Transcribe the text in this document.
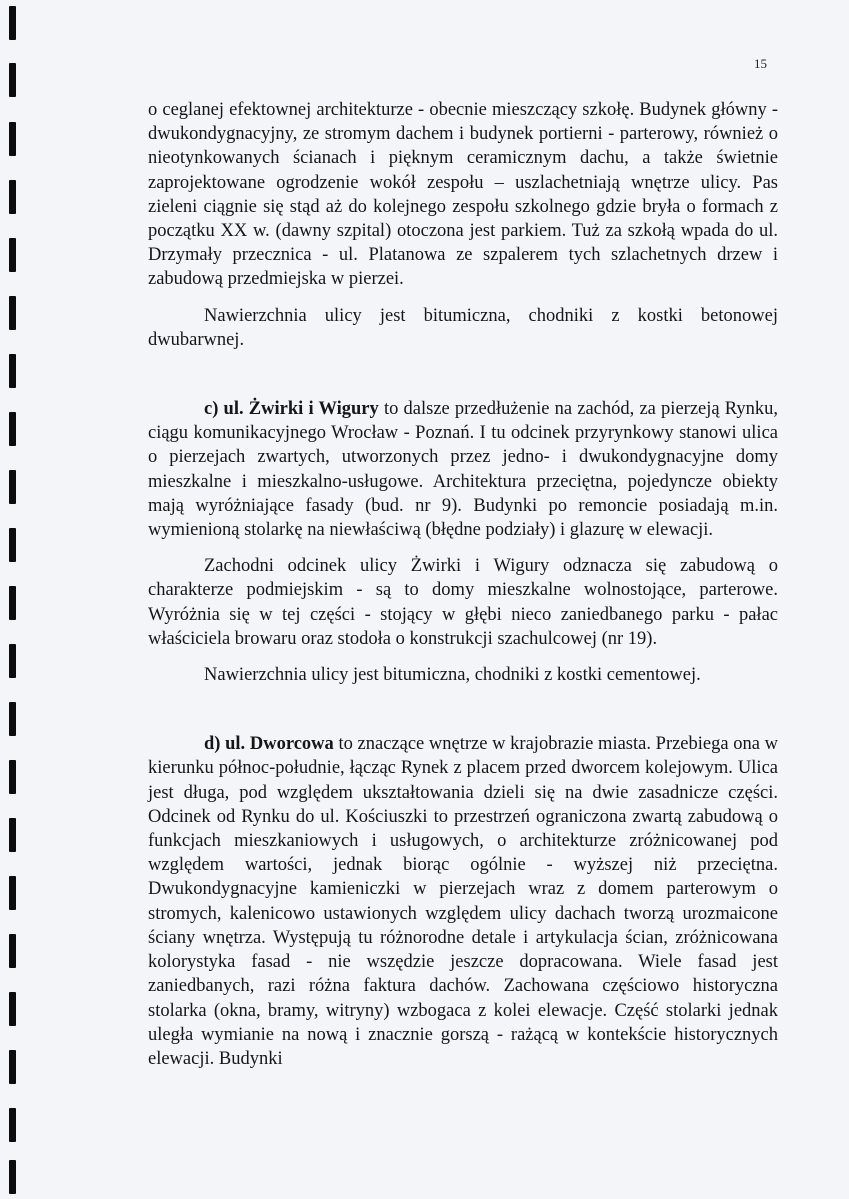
15

o ceglanej efektownej architekturze - obecnie mieszczący szkołę. Budynek główny - dwukondygnacyjny, ze stromym dachem i budynek portierni - parterowy, również o nieotynkowanych ścianach i pięknym ceramicznym dachu, a także świetnie zaprojektowane ogrodzenie wokół zespołu – uszlachetniają wnętrze ulicy. Pas zieleni ciągnie się stąd aż do kolejnego zespołu szkolnego gdzie bryła o formach z początku XX w. (dawny szpital) otoczona jest parkiem. Tuż za szkołą wpada do ul. Drzymały przecznica - ul. Platanowa ze szpalerem tych szlachetnych drzew i zabudową przedmiejska w pierzei.

Nawierzchnia ulicy jest bitumiczna, chodniki z kostki betonowej dwubarwnej.

c) ul. Żwirki i Wigury to dalsze przedłużenie na zachód, za pierzeją Rynku, ciągu komunikacyjnego Wrocław - Poznań. I tu odcinek przyrynkowy stanowi ulica o pierzejach zwartych, utworzonych przez jedno- i dwukondygnacyjne domy mieszkalne i mieszkalno-usługowe. Architektura przeciętna, pojedyncze obiekty mają wyróżniające fasady (bud. nr 9). Budynki po remoncie posiadają m.in. wymienioną stolarkę na niewłaściwą (błędne podziały) i glazurę w elewacji.

Zachodni odcinek ulicy Żwirki i Wigury odznacza się zabudową o charakterze podmiejskim - są to domy mieszkalne wolnostojące, parterowe. Wyróżnia się w tej części - stojący w głębi nieco zaniedbanego parku - pałac właściciela browaru oraz stodoła o konstrukcji szachulcowej (nr 19).

Nawierzchnia ulicy jest bitumiczna, chodniki z kostki cementowej.

d) ul. Dworcowa to znaczące wnętrze w krajobrazie miasta. Przebiega ona w kierunku północ-południe, łącząc Rynek z placem przed dworcem kolejowym. Ulica jest długa, pod względem ukształtowania dzieli się na dwie zasadnicze części. Odcinek od Rynku do ul. Kościuszki to przestrzeń ograniczona zwartą zabudową o funkcjach mieszkaniowych i usługowych, o architekturze zróżnicowanej pod względem wartości, jednak biorąc ogólnie - wyższej niż przeciętna. Dwukondygnacyjne kamieniczki w pierzejach wraz z domem parterowym o stromych, kalenicowo ustawionych względem ulicy dachach tworzą urozmaicone ściany wnętrza. Występują tu różnorodne detale i artykulacja ścian, zróżnicowana kolorystyka fasad - nie wszędzie jeszcze dopracowana. Wiele fasad jest zaniedbanych, razi różna faktura dachów. Zachowana częściowo historyczna stolarka (okna, bramy, witryny) wzbogaca z kolei elewacje. Część stolarki jednak uległa wymianie na nową i znacznie gorszą - rażącą w kontekście historycznych elewacji. Budynki
